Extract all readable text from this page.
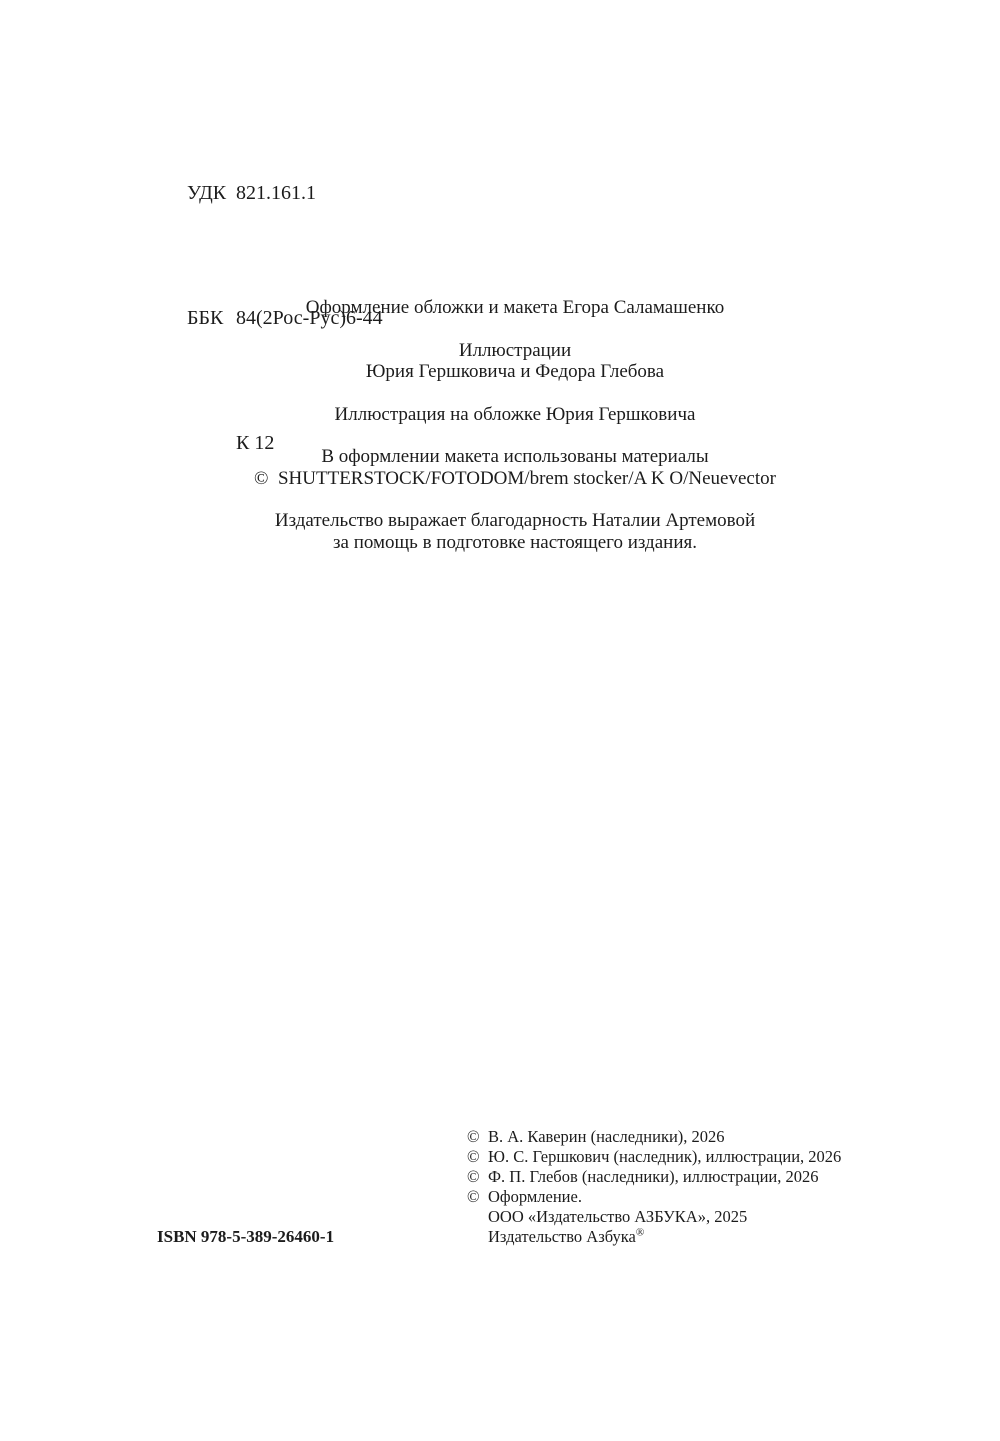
УДК 821.161.1

ББК 84(2Рос-Рус)6-44

К 12

Оформление обложки и макета Егора Саламашенко

Иллюстрации
Юрия Гершковича и Федора Глебова

Иллюстрация на обложке Юрия Гершковича

В оформлении макета использованы материалы
©  SHUTTERSTOCK/FOTODOM/brem stocker/A K O/Neuevector

Издательство выражает благодарность Наталии Артемовой
за помощь в подготовке настоящего издания.

© В. А. Каверин (наследники), 2026
© Ю. С. Гершкович (наследник), иллюстрации, 2026
© Ф. П. Глебов (наследники), иллюстрации, 2026
© Оформление.
ООО «Издательство АЗБУКА», 2025
Издательство Азбука®
ISBN 978-5-389-26460-1
